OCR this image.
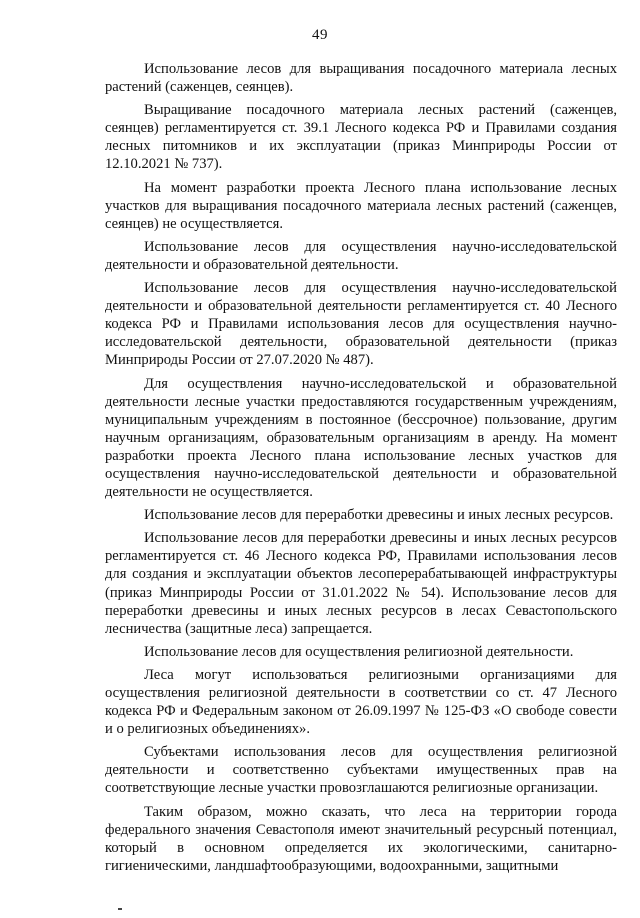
49

Использование лесов для выращивания посадочного материала лесных растений (саженцев, сеянцев).

Выращивание посадочного материала лесных растений (саженцев, сеянцев) регламентируется ст. 39.1 Лесного кодекса РФ и Правилами создания лесных питомников и их эксплуатации (приказ Минприроды России от 12.10.2021 № 737).

На момент разработки проекта Лесного плана использование лесных участков для выращивания посадочного материала лесных растений (саженцев, сеянцев) не осуществляется.

Использование лесов для осуществления научно-исследовательской деятельности и образовательной деятельности.

Использование лесов для осуществления научно-исследовательской деятельности и образовательной деятельности регламентируется ст. 40 Лесного кодекса РФ и Правилами использования лесов для осуществления научно-исследовательской деятельности, образовательной деятельности (приказ Минприроды России от 27.07.2020 № 487).

Для осуществления научно-исследовательской и образовательной деятельности лесные участки предоставляются государственным учреждениям, муниципальным учреждениям в постоянное (бессрочное) пользование, другим научным организациям, образовательным организациям в аренду. На момент разработки проекта Лесного плана использование лесных участков для осуществления научно-исследовательской деятельности и образовательной деятельности не осуществляется.

Использование лесов для переработки древесины и иных лесных ресурсов.

Использование лесов для переработки древесины и иных лесных ресурсов регламентируется ст. 46 Лесного кодекса РФ, Правилами использования лесов для создания и эксплуатации объектов лесоперерабатывающей инфраструктуры (приказ Минприроды России от 31.01.2022 № 54). Использование лесов для переработки древесины и иных лесных ресурсов в лесах Севастопольского лесничества (защитные леса) запрещается.

Использование лесов для осуществления религиозной деятельности.

Леса могут использоваться религиозными организациями для осуществления религиозной деятельности в соответствии со ст. 47 Лесного кодекса РФ и Федеральным законом от 26.09.1997 № 125-ФЗ «О свободе совести и о религиозных объединениях».

Субъектами использования лесов для осуществления религиозной деятельности и соответственно субъектами имущественных прав на соответствующие лесные участки провозглашаются религиозные организации.

Таким образом, можно сказать, что леса на территории города федерального значения Севастополя имеют значительный ресурсный потенциал, который в основном определяется их экологическими, санитарно-гигиеническими, ландшафтообразующими, водоохранными, защитными
